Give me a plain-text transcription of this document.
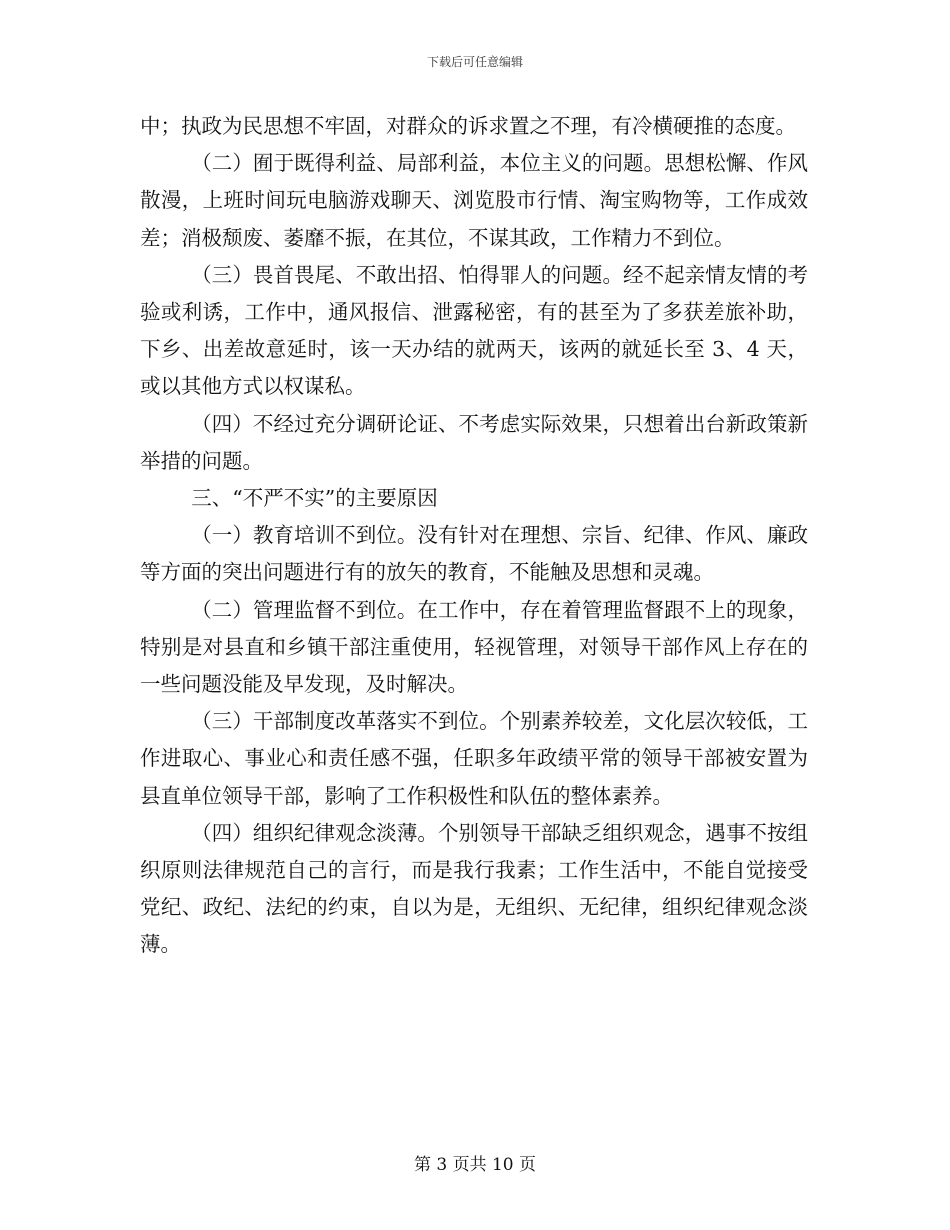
下载后可任意编辑

中；执政为民思想不牢固，对群众的诉求置之不理，有冷横硬推的态度。

（二）囿于既得利益、局部利益，本位主义的问题。思想松懈、作风散漫，上班时间玩电脑游戏聊天、浏览股市行情、淘宝购物等，工作成效差；消极颓废、萎靡不振，在其位，不谋其政，工作精力不到位。

（三）畏首畏尾、不敢出招、怕得罪人的问题。经不起亲情友情的考验或利诱，工作中，通风报信、泄露秘密，有的甚至为了多获差旅补助，下乡、出差故意延时，该一天办结的就两天，该两的就延长至 3、4 天，或以其他方式以权谋私。

（四）不经过充分调研论证、不考虑实际效果，只想着出台新政策新举措的问题。

三、“不严不实”的主要原因

（一）教育培训不到位。没有针对在理想、宗旨、纪律、作风、廉政等方面的突出问题进行有的放矢的教育，不能触及思想和灵魂。

（二）管理监督不到位。在工作中，存在着管理监督跟不上的现象，特别是对县直和乡镇干部注重使用，轻视管理，对领导干部作风上存在的一些问题没能及早发现，及时解决。

（三）干部制度改革落实不到位。个别素养较差，文化层次较低，工作进取心、事业心和责任感不强，任职多年政绩平常的领导干部被安置为县直单位领导干部，影响了工作积极性和队伍的整体素养。

（四）组织纪律观念淡薄。个别领导干部缺乏组织观念，遇事不按组织原则法律规范自己的言行，而是我行我素；工作生活中，不能自觉接受党纪、政纪、法纪的约束，自以为是，无组织、无纪律，组织纪律观念淡薄。

第 3 页共 10 页
